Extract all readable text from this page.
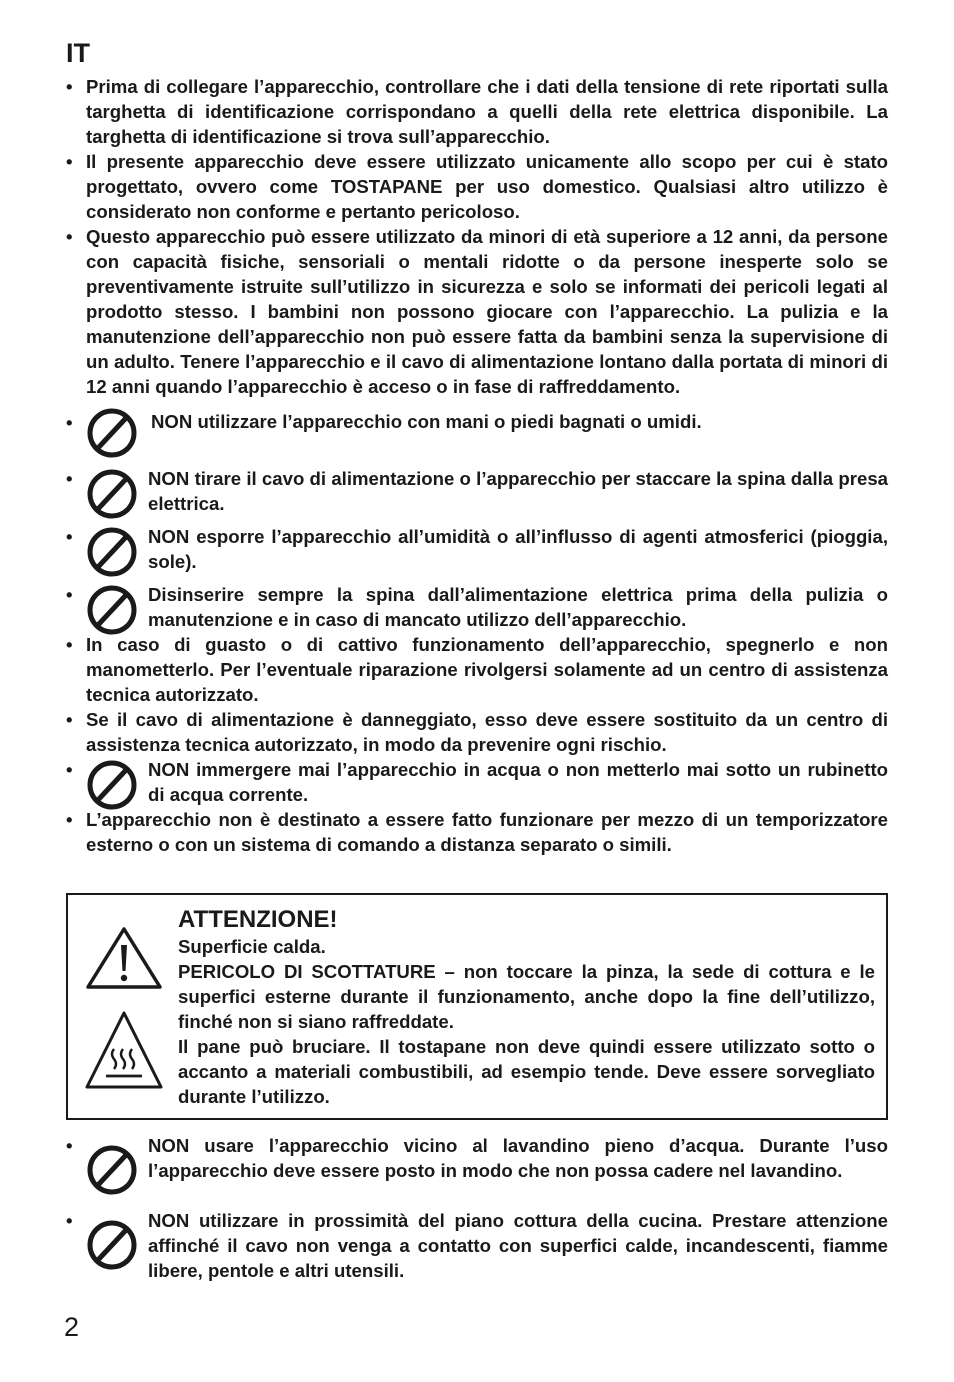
IT
• Prima di collegare l’apparecchio, controllare che i dati della tensione di rete riportati sulla targhetta di identificazione corrispondano a quelli della rete elettrica disponibile. La targhetta di identificazione si trova sull’apparecchio.
• Il presente apparecchio deve essere utilizzato unicamente allo scopo per cui è stato progettato, ovvero come TOSTAPANE per uso domestico. Qualsiasi altro utilizzo è considerato non conforme e pertanto pericoloso.
• Questo apparecchio può essere utilizzato da minori di età superiore a 12 anni, da persone con capacità fisiche, sensoriali o mentali ridotte o da persone inesperte solo se preventivamente istruite sull’utilizzo in sicurezza e solo se informati dei pericoli legati al prodotto stesso. I bambini non possono giocare con l’apparecchio. La pulizia e la manutenzione dell’apparecchio non può essere fatta da bambini senza la supervisione di un adulto. Tenere l’apparecchio e il cavo di alimentazione lontano dalla portata di minori di 12 anni quando l’apparecchio è acceso o in fase di raffreddamento.
•	NON utilizzare l’apparecchio con mani o piedi bagnati o umidi.
•	NON tirare il cavo di alimentazione o l’apparecchio per staccare la spina dalla presa elettrica.
•	NON esporre l’apparecchio all’umidità o all’influsso di agenti atmosferici (pioggia, sole).
•	Disinserire sempre la spina dall’alimentazione elettrica prima della pulizia o manutenzione e in caso di mancato utilizzo dell’apparecchio.
• In caso di guasto o di cattivo funzionamento dell’apparecchio, spegnerlo e non manometterlo. Per l’eventuale riparazione rivolgersi solamente ad un centro di assistenza tecnica autorizzato.
• Se il cavo di alimentazione è danneggiato, esso deve essere sostituito da un centro di assistenza tecnica autorizzato, in modo da prevenire ogni rischio.
•	NON immergere mai l’apparecchio in acqua o non metterlo mai sotto un rubinetto di acqua corrente.
• L’apparecchio non è destinato a essere fatto funzionare per mezzo di un temporizzatore esterno o con un sistema di comando a distanza separato o simili.
ATTENZIONE!
Superficie calda.
PERICOLO DI SCOTTATURE – non toccare la pinza, la sede di cottura e le superfici esterne durante il funzionamento, anche dopo la fine dell’utilizzo, finché non si siano raffreddate.
Il pane può bruciare. Il tostapane non deve quindi essere utilizzato sotto o accanto a materiali combustibili, ad esempio tende. Deve essere sorvegliato durante l’utilizzo.
•	NON usare l’apparecchio vicino al lavandino pieno d’acqua. Durante l’uso l’apparecchio deve essere posto in modo che non possa cadere nel lavandino.
•	NON utilizzare in prossimità del piano cottura della cucina. Prestare attenzione affinché il cavo non venga a contatto con superfici calde, incandescenti, fiamme libere, pentole e altri utensili.
2
